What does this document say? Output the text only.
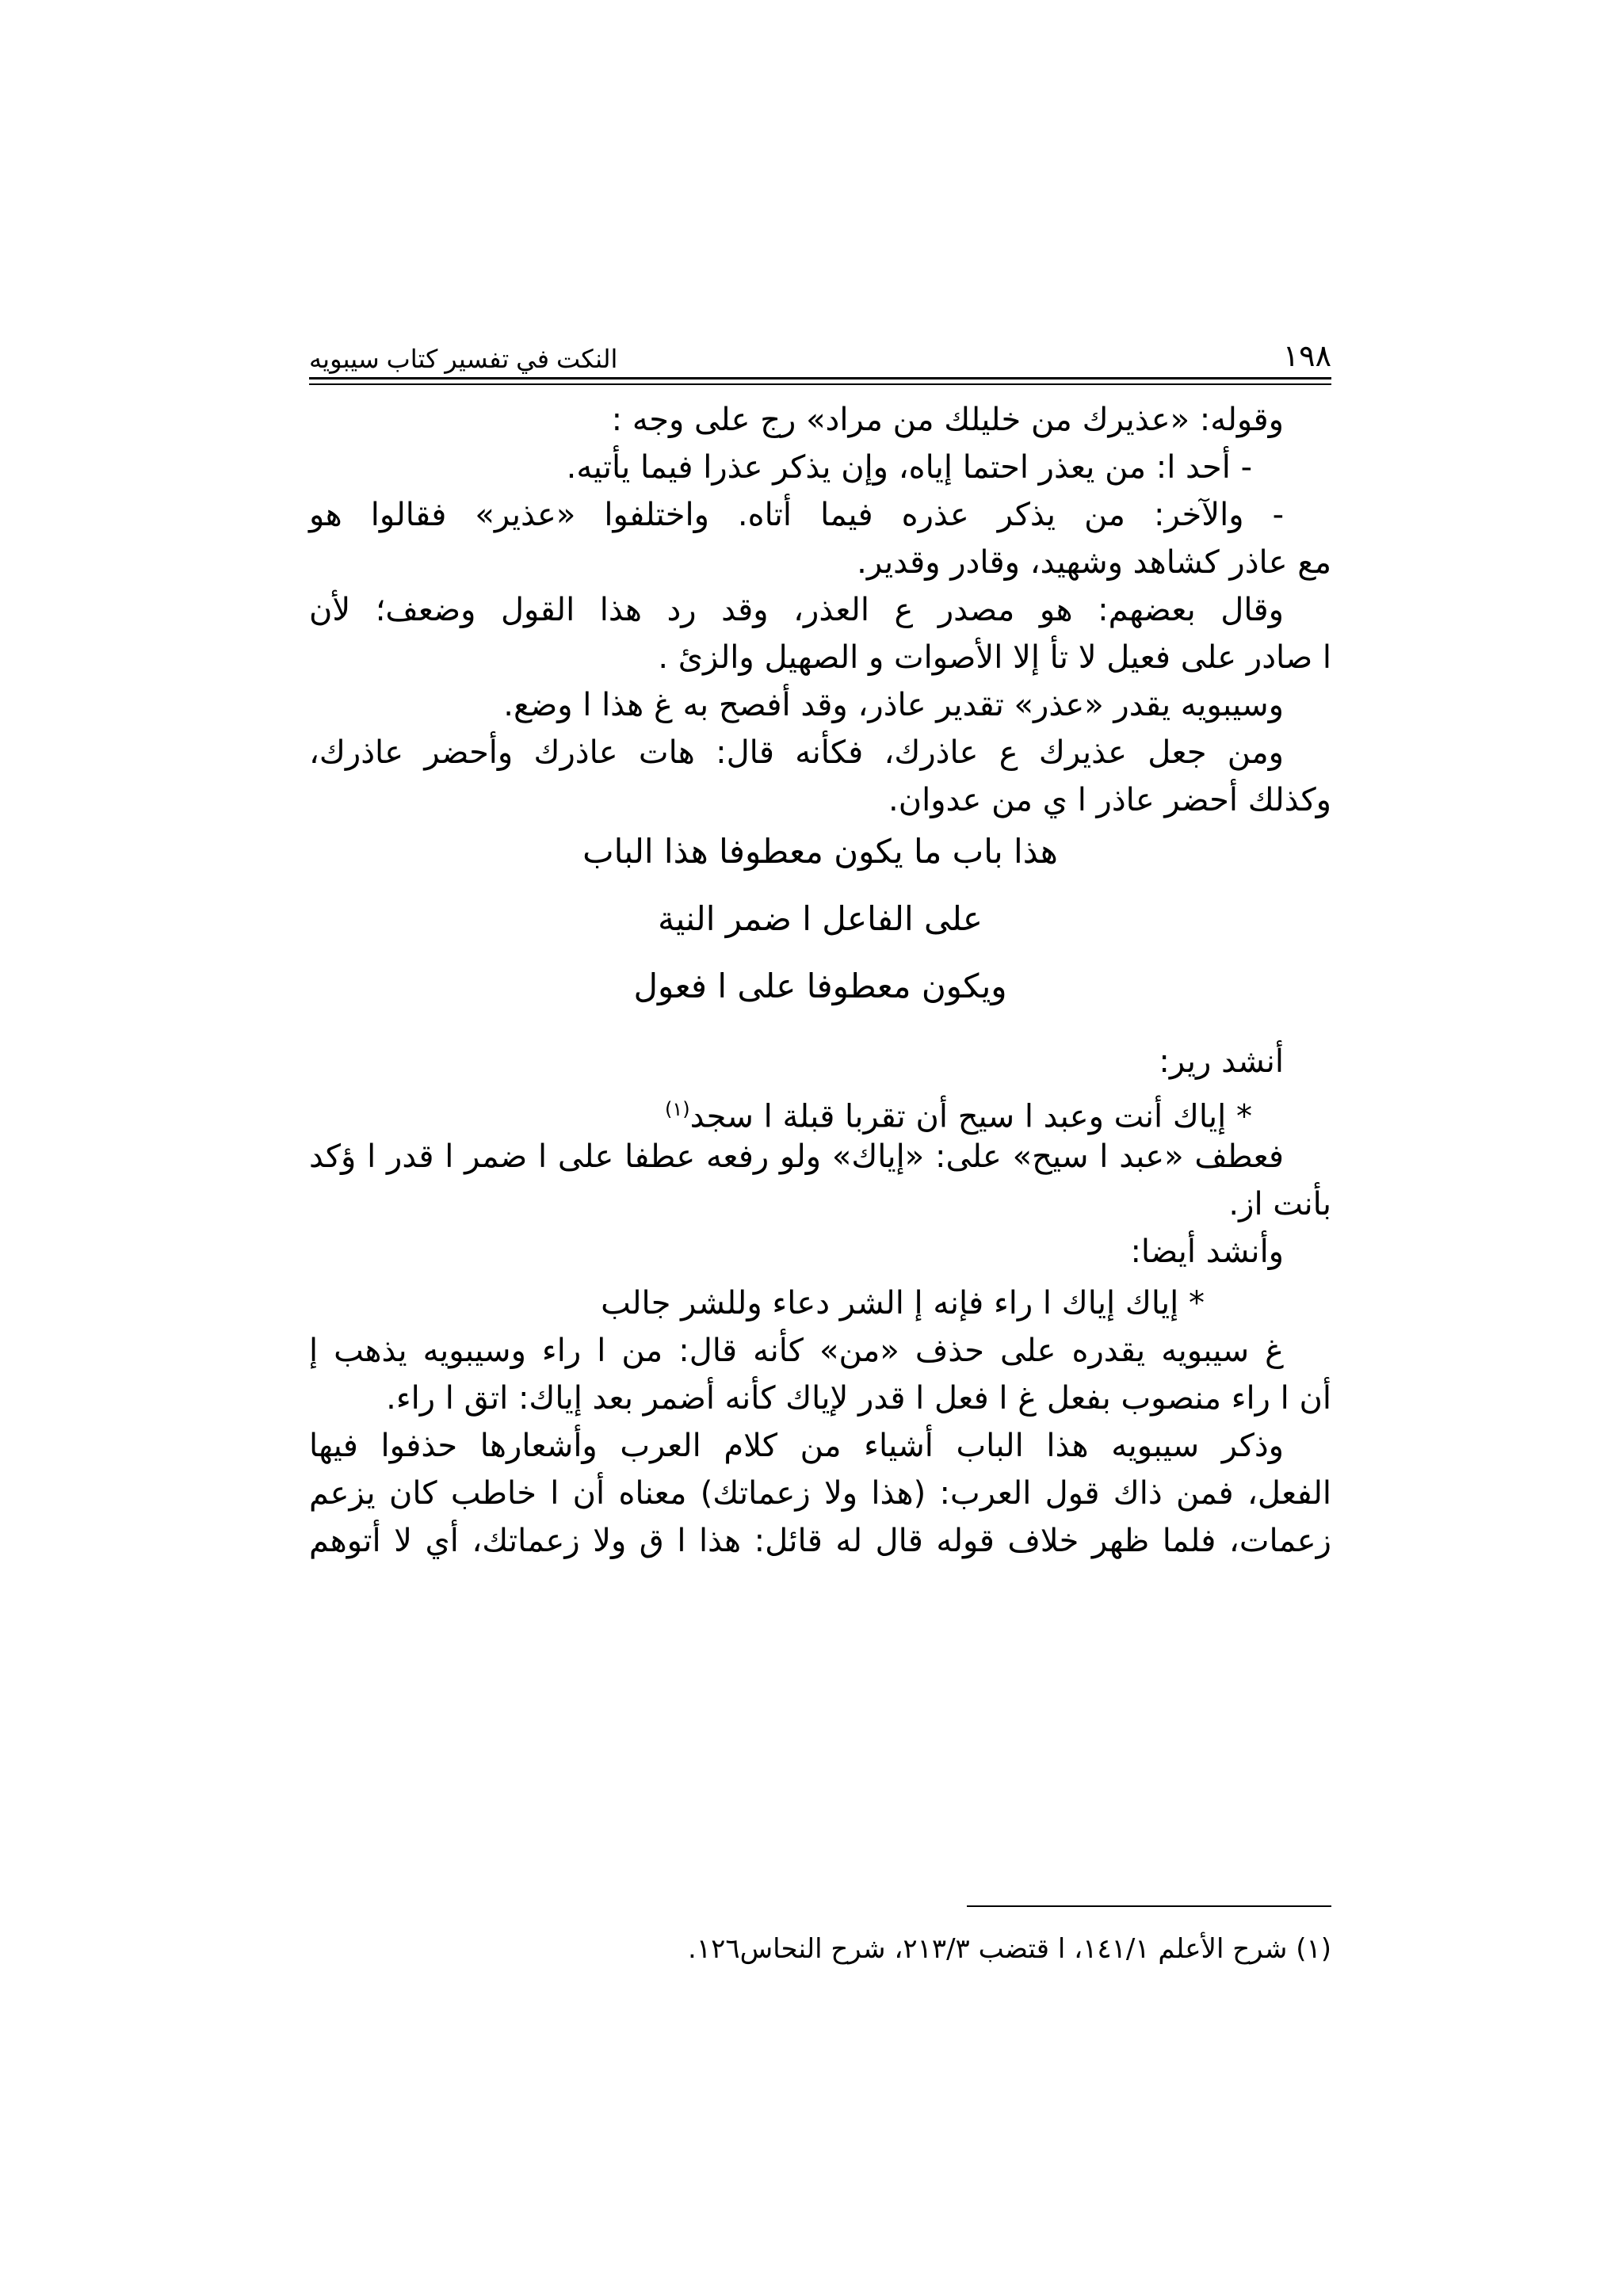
١٩٨
النكت في تفسير كتاب سيبويه
وقوله: «عذيرك من خليلك من مراد» رج على وجه :
- أحد ا: من يعذر احتما إياه، وإن يذكر عذرا فيما يأتيه.
- والآخر: من يذكر عذره فيما أتاه. واختلفوا «عذير» فقالوا هو
مع عاذر كشاهد وشهيد، وقادر وقدير.
وقال بعضهم: هو مصدر ع العذر، وقد رد هذا القول وضعف؛ لأن
ا صادر على فعيل لا تأ إلا الأصوات و الصهيل والزئ .
وسيبويه يقدر «عذر» تقدير عاذر، وقد أفصح به غ هذا ا وضع.
ومن جعل عذيرك ع عاذرك، فكأنه قال: هات عاذرك وأحضر عاذرك،
وكذلك أحضر عاذر ا ي من عدوان.
هذا باب ما يكون معطوفا هذا الباب
على الفاعل ا ضمر النية
ويكون معطوفا على ا فعول
أنشد رير:
* إياك أنت وعبد ا سيح أن تقربا قبلة ا سجد$^{(١)}$
فعطف «عبد ا سيح» على: «إياك» ولو رفعه عطفا على ا ضمر ا قدر ا ؤكد
بأنت از.
وأنشد أيضا:
* إياك إياك ا راء فإنه إ الشر دعاء وللشر جالب
غ سيبويه يقدره على حذف «من» كأنه قال: من ا راء وسيبويه يذهب إ
أن ا راء منصوب بفعل غ ا فعل ا قدر لإياك كأنه أضمر بعد إياك: اتق ا راء.
وذكر سيبويه هذا الباب أشياء من كلام العرب وأشعارها حذفوا فيها
الفعل، فمن ذاك قول العرب: (هذا ولا زعماتك) معناه أن ا خاطب كان يزعم
زعمات، فلما ظهر خلاف قوله قال له قائل: هذا ا ق ولا زعماتك، أي لا أتوهم
(١) شرح الأعلم ١٤١/١، ا قتضب ٢١٣/٣، شرح النحاس١٢٦.
